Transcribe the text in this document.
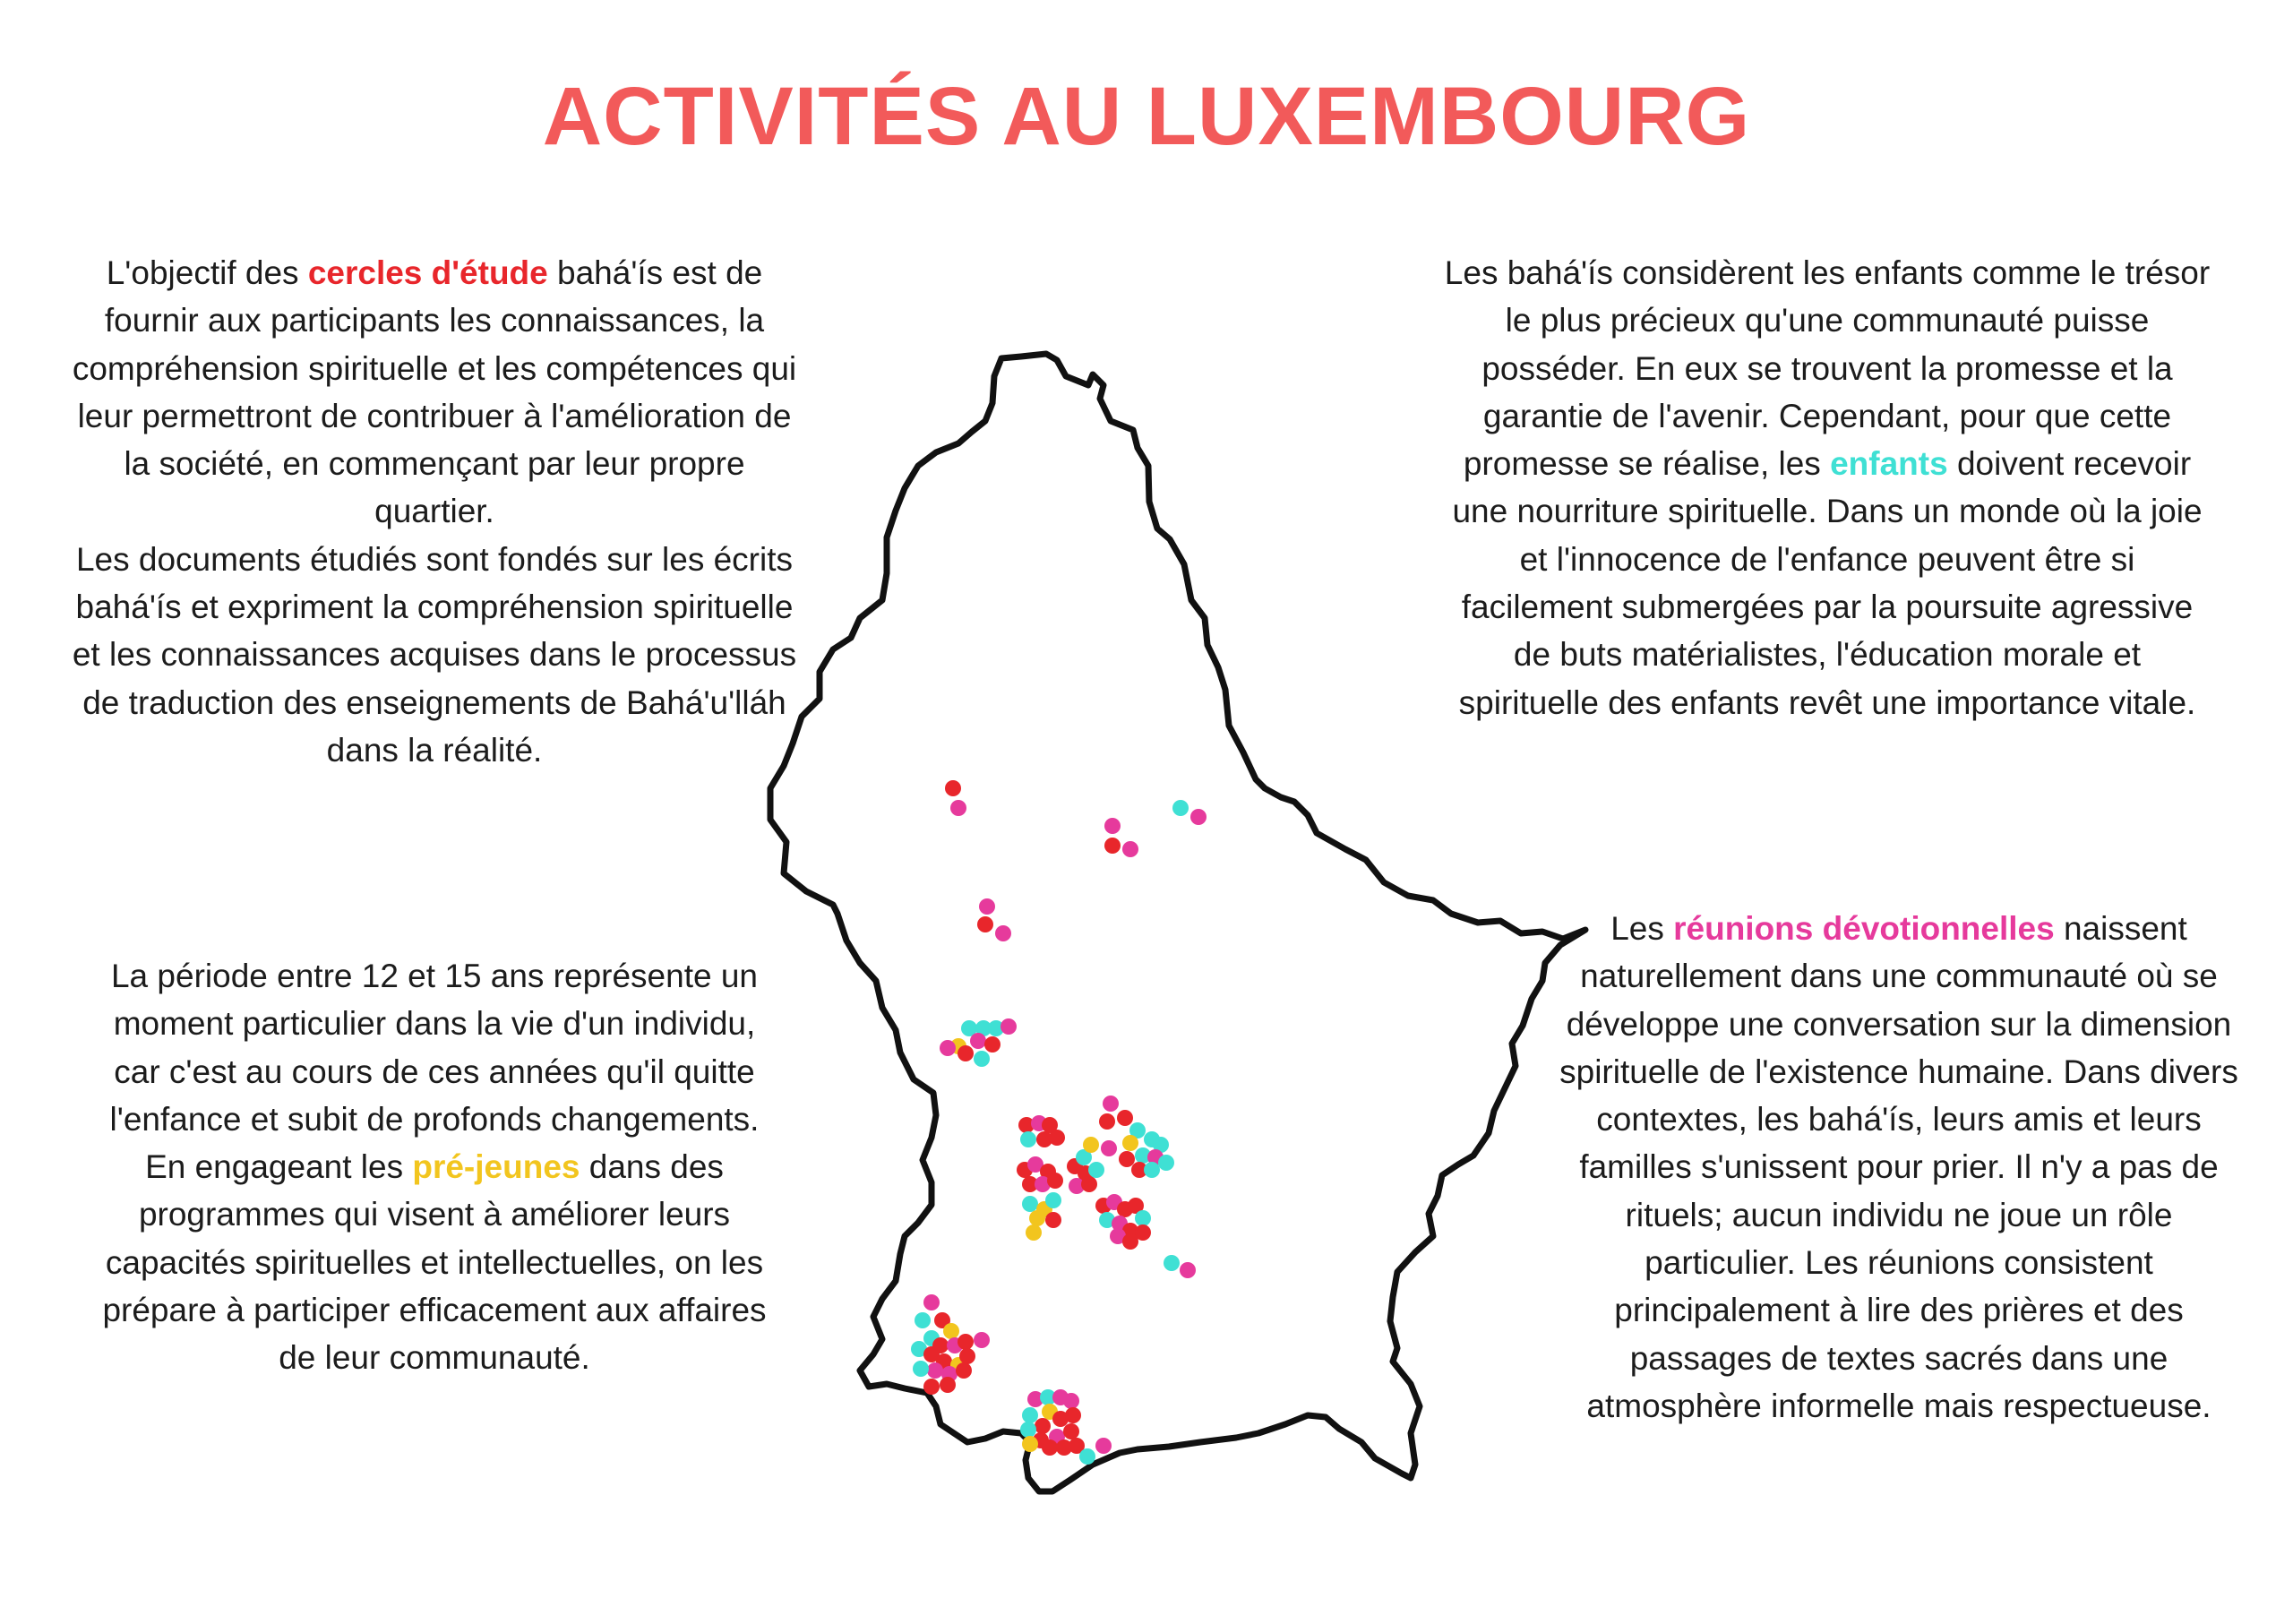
ACTIVITÉS AU LUXEMBOURG
L'objectif des cercles d'étude bahá'ís est de fournir aux participants les connaissances, la compréhension spirituelle et les compétences qui leur permettront de contribuer à l'amélioration de la société, en commençant par leur propre quartier.
Les documents étudiés sont fondés sur les écrits bahá'ís et expriment la compréhension spirituelle et les connaissances acquises dans le processus de traduction des enseignements de Bahá'u'lláh
dans la réalité.
Les bahá'ís considèrent les enfants comme le trésor le plus précieux qu'une communauté puisse posséder. En eux se trouvent la promesse et la garantie de l'avenir. Cependant, pour que cette promesse se réalise, les enfants doivent recevoir une nourriture spirituelle. Dans un monde où la joie et l'innocence de l'enfance peuvent être si facilement submergées par la poursuite agressive de buts matérialistes, l'éducation morale et spirituelle des enfants revêt une importance vitale.
La période entre 12 et 15 ans représente un moment particulier dans la vie d'un individu, car c'est au cours de ces années qu'il quitte l'enfance et subit de profonds changements. En engageant les pré-jeunes dans des programmes qui visent à améliorer leurs capacités spirituelles et intellectuelles, on les prépare à participer efficacement aux affaires de leur communauté.
Les réunions dévotionnelles naissent naturellement dans une communauté où se développe une conversation sur la dimension spirituelle de l'existence humaine. Dans divers contextes, les bahá'ís, leurs amis et leurs familles s'unissent pour prier. Il n'y a pas de rituels; aucun individu ne joue un rôle particulier. Les réunions consistent principalement à lire des prières et des passages de textes sacrés dans une atmosphère informelle mais respectueuse.
